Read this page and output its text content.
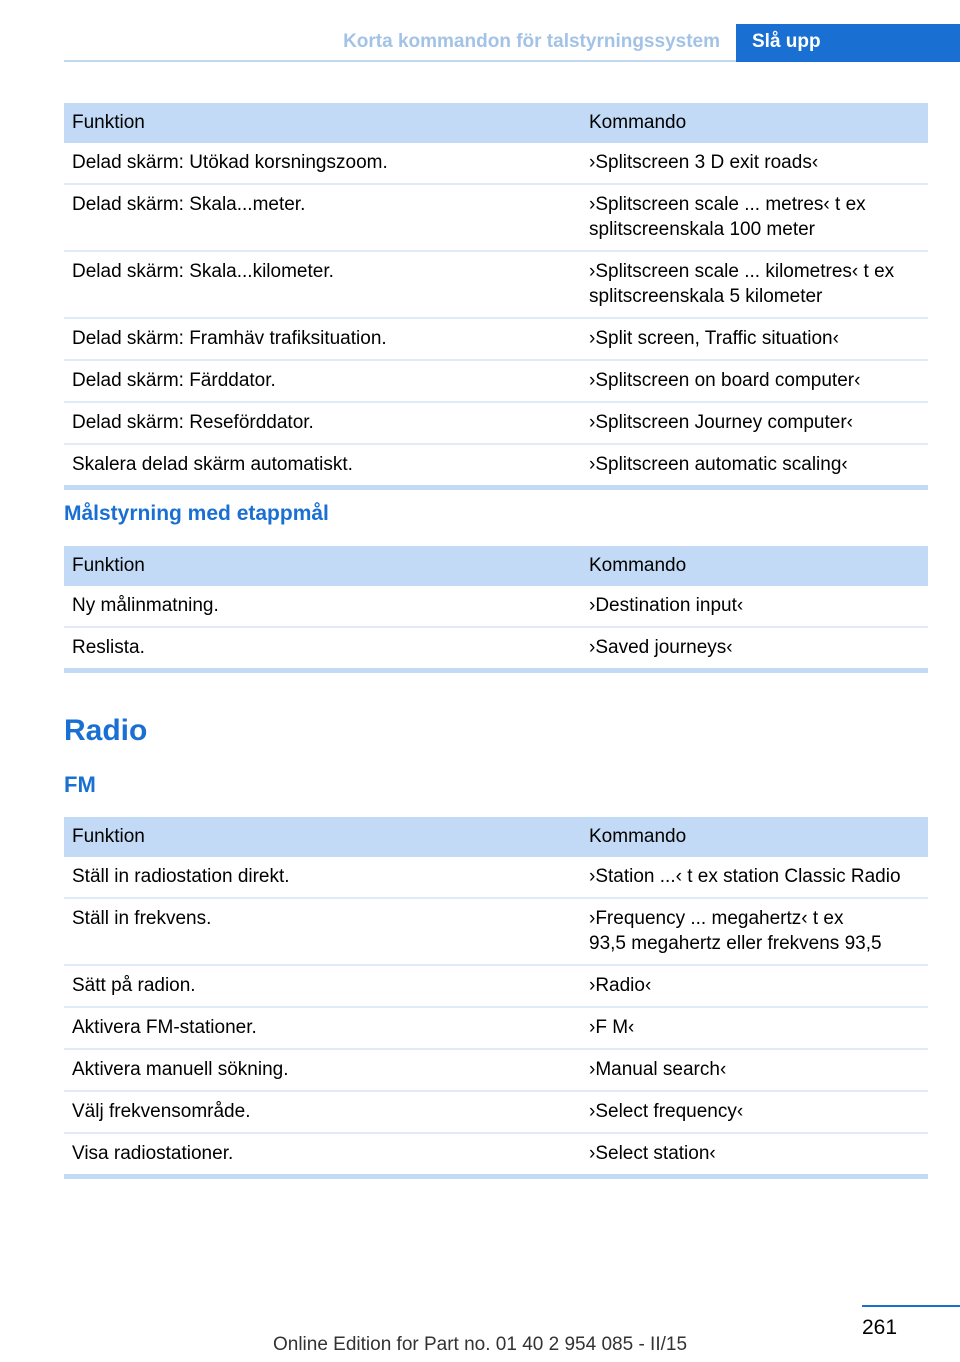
Korta kommandon för talstyrningssystem	Slå upp
Funktion	Kommando
Delad skärm: Utökad korsningszoom.	›Splitscreen 3 D exit roads‹
Delad skärm: Skala...meter.	›Splitscreen scale ... metres‹ t ex
splitscreenskala 100 meter
Delad skärm: Skala...kilometer.	›Splitscreen scale ... kilometres‹ t ex
splitscreenskala 5 kilometer
Delad skärm: Framhäv trafiksituation.	›Split screen, Traffic situation‹
Delad skärm: Färddator.	›Splitscreen on board computer‹
Delad skärm: Reseförddator.	›Splitscreen Journey computer‹
Skalera delad skärm automatiskt.	›Splitscreen automatic scaling‹
Målstyrning med etappmål
Funktion	Kommando
Ny målinmatning.	›Destination input‹
Reslista.	›Saved journeys‹
Radio
FM
Funktion	Kommando
Ställ in radiostation direkt.	›Station ...‹ t ex station Classic Radio
Ställ in frekvens.	›Frequency ... megahertz‹ t ex
93,5 megahertz eller frekvens 93,5
Sätt på radion.	›Radio‹
Aktivera FM-stationer.	›F M‹
Aktivera manuell sökning.	›Manual search‹
Välj frekvensområde.	›Select frequency‹
Visa radiostationer.	›Select station‹
261
Online Edition for Part no. 01 40 2 954 085 - II/15
